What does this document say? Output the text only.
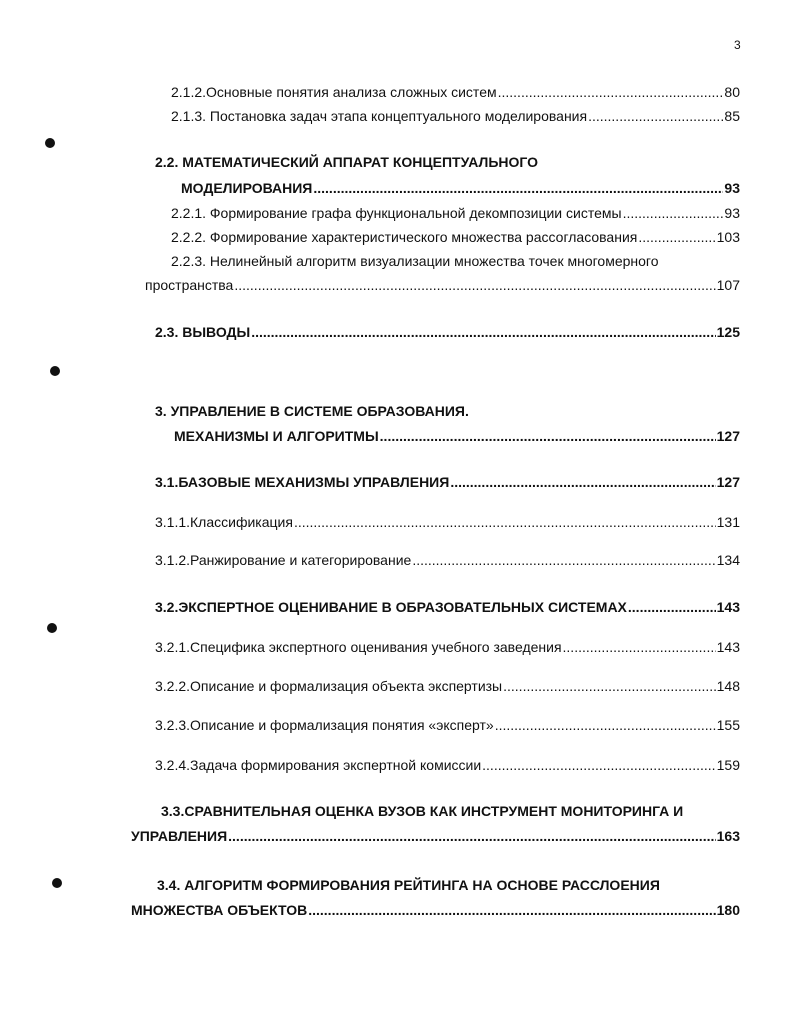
3
2.1.2.Основные понятия анализа сложных систем .....	80
2.1.3. Постановка задач этапа концептуального моделирования .....	85
2.2. МАТЕМАТИЧЕСКИЙ АППАРАТ КОНЦЕПТУАЛЬНОГО
МОДЕЛИРОВАНИЯ .....	93
2.2.1. Формирование графа функциональной декомпозиции системы .....	93
2.2.2. Формирование характеристического множества рассогласования .....	103
2.2.3. Нелинейный алгоритм визуализации множества точек многомерного
пространства .....	107
2.3. ВЫВОДЫ .....	125
3. УПРАВЛЕНИЕ В СИСТЕМЕ ОБРАЗОВАНИЯ.
МЕХАНИЗМЫ И АЛГОРИТМЫ .....	127
3.1.БАЗОВЫЕ МЕХАНИЗМЫ УПРАВЛЕНИЯ .....	127
3.1.1.Классификация .....	131
3.1.2.Ранжирование и категорирование .....	134
3.2.ЭКСПЕРТНОЕ ОЦЕНИВАНИЕ В ОБРАЗОВАТЕЛЬНЫХ СИСТЕМАХ .....	143
3.2.1.Специфика экспертного оценивания учебного заведения .....	143
3.2.2.Описание и формализация объекта экспертизы .....	148
3.2.3.Описание и формализация понятия «эксперт» .....	155
3.2.4.Задача формирования экспертной комиссии .....	159
3.3.СРАВНИТЕЛЬНАЯ ОЦЕНКА ВУЗОВ КАК ИНСТРУМЕНТ МОНИТОРИНГА И
УПРАВЛЕНИЯ .....	163
3.4. АЛГОРИТМ ФОРМИРОВАНИЯ РЕЙТИНГА НА ОСНОВЕ РАССЛОЕНИЯ
МНОЖЕСТВА ОБЪЕКТОВ .....	180
